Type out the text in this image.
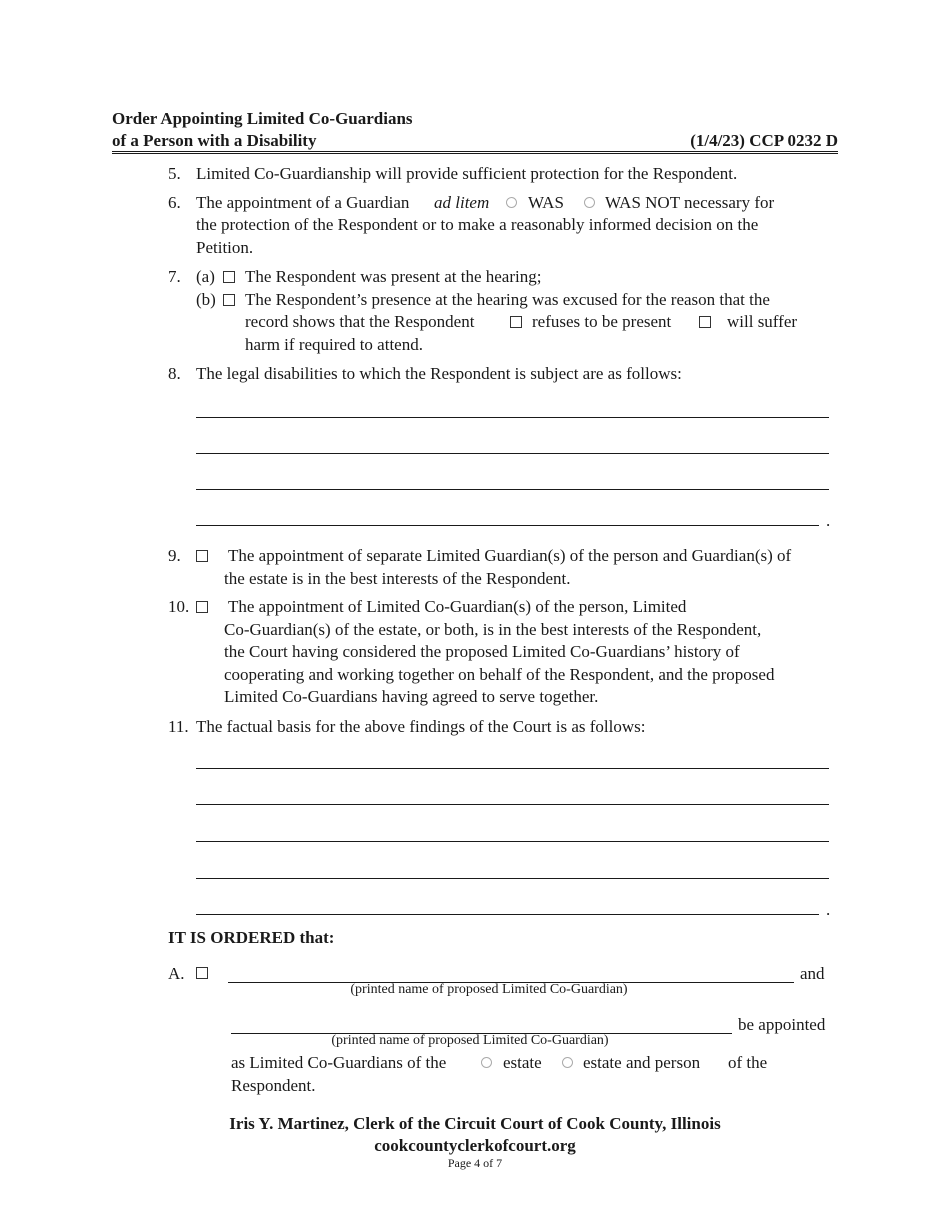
Order Appointing Limited Co-Guardians
of a Person with a Disability	(1/4/23) CCP 0232 D
5. Limited Co-Guardianship will provide sufficient protection for the Respondent.
6. The appointment of a Guardian ad litem WAS WAS NOT necessary for
the protection of the Respondent or to make a reasonably informed decision on the
Petition.
7. (a) The Respondent was present at the hearing;
(b) The Respondent’s presence at the hearing was excused for the reason that the
record shows that the Respondent	refuses to be present	will suffer
harm if required to attend.
8. The legal disabilities to which the Respondent is subject are as follows:
.
9.	The appointment of separate Limited Guardian(s) of the person and Guardian(s) of
the estate is in the best interests of the Respondent.
10. The appointment of Limited Co-Guardian(s) of the person, Limited
Co-Guardian(s) of the estate, or both, is in the best interests of the Respondent,
the Court having considered the proposed Limited Co-Guardians’ history of
cooperating and working together on behalf of the Respondent, and the proposed
Limited Co-Guardians having agreed to serve together.
11. The factual basis for the above findings of the Court is as follows:
.
IT IS ORDERED that:
A.	and
(printed name of proposed Limited Co-Guardian)
be appointed
(printed name of proposed Limited Co-Guardian)
as Limited Co-Guardians of the	estate estate and person of the
Respondent.
Iris Y. Martinez, Clerk of the Circuit Court of Cook County, Illinois
cookcountyclerkofcourt.org
Page 4 of 7
